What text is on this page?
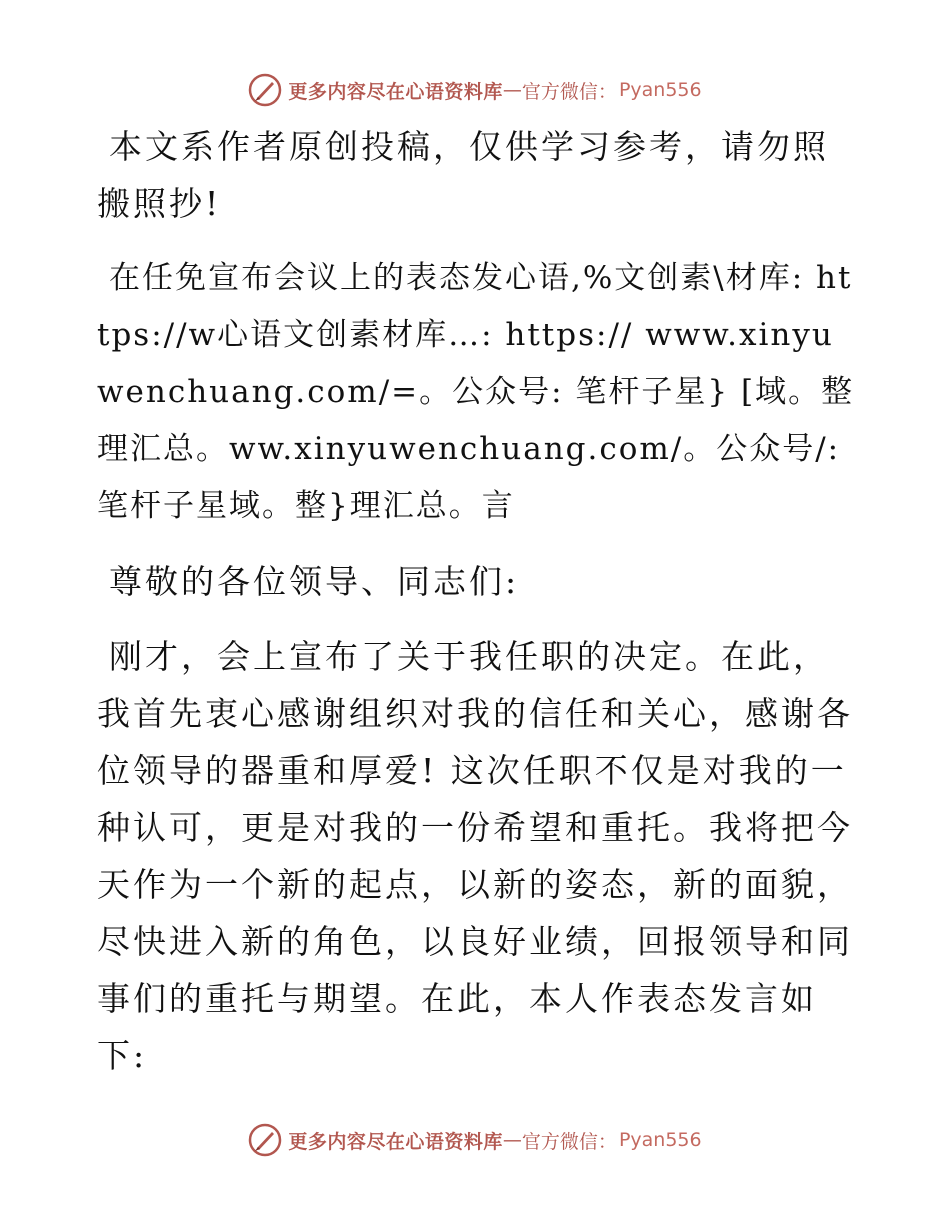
更多内容尽在心语资料库 — 官方微信： Pyan556

本文系作者原创投稿，仅供学习参考，请勿照搬照抄!

在任免宣布会议上的表态发心语,%文创素\材库: https://w心语文创素材库…: https:// www.xinyuwenchuang.com/=。公众号: 笔杆子星} [域。整理汇总。ww.xinyuwenchuang.com/。公众号/: 笔杆子星域。整}理汇总。言

尊敬的各位领导、同志们:

刚才，会上宣布了关于我任职的决定。在此，我首先衷心感谢组织对我的信任和关心，感谢各位领导的器重和厚爱! 这次任职不仅是对我的一种认可，更是对我的一份希望和重托。我将把今天作为一个新的起点，以新的姿态，新的面貌，尽快进入新的角色，以良好业绩，回报领导和同事们的重托与期望。在此，本人作表态发言如下:

更多内容尽在心语资料库 — 官方微信： Pyan556
